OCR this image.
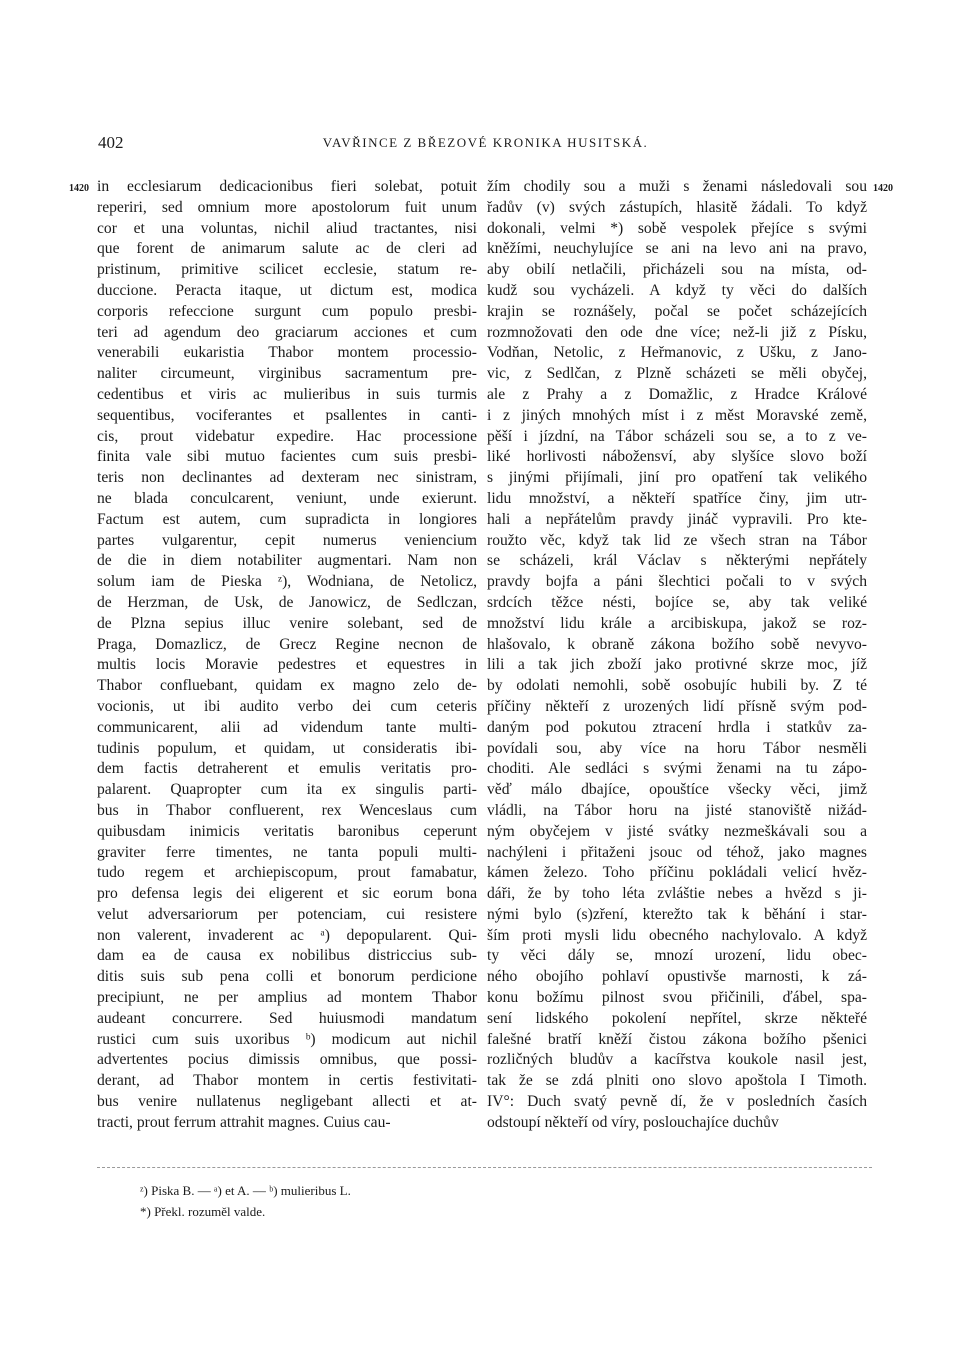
402	VAVŘINCE Z BŘEZOVÉ KRONIKA HUSITSKÁ.
1420	1420
in ecclesiarum dedicacionibus fieri solebat, potuit
reperiri, sed omnium more apostolorum fuit unum
cor et una voluntas, nichil aliud tractantes, nisi
que forent de animarum salute ac de cleri ad
pristinum, primitive scilicet ecclesie, statum re-
duccione. Peracta itaque, ut dictum est, modica
corporis refeccione surgunt cum populo presbi-
teri ad agendum deo graciarum acciones et cum
venerabili eukaristia Thabor montem processio-
naliter circumeunt, virginibus sacramentum pre-
cedentibus et viris ac mulieribus in suis turmis
sequentibus, vociferantes et psallentes in canti-
cis, prout videbatur expedire. Hac processione
finita vale sibi mutuo facientes cum suis presbi-
teris non declinantes ad dexteram nec sinistram,
ne blada conculcarent, veniunt, unde exierunt.
Factum est autem, cum supradicta in longiores
partes vulgarentur, cepit numerus veniencium
de die in diem notabiliter augmentari. Nam non
solum iam de Pieska ᶻ), Wodniana, de Netolicz,
de Herzman, de Usk, de Janowicz, de Sedlczan,
de Plzna sepius illuc venire solebant, sed de
Praga, Domazlicz, de Grecz Regine necnon de
multis locis Moravie pedestres et equestres in
Thabor confluebant, quidam ex magno zelo de-
vocionis, ut ibi audito verbo dei cum ceteris
communicarent, alii ad videndum tante multi-
tudinis populum, et quidam, ut consideratis ibi-
dem factis detraherent et emulis veritatis pro-
palarent. Quapropter cum ita ex singulis parti-
bus in Thabor confluerent, rex Wenceslaus cum
quibusdam inimicis veritatis baronibus ceperunt
graviter ferre timentes, ne tanta populi multi-
tudo regem et archiepiscopum, prout famabatur,
pro defensa legis dei eligerent et sic eorum bona
velut adversariorum per potenciam, cui resistere
non valerent, invaderent ac ᵃ) depopularent. Qui-
dam ea de causa ex nobilibus districcius sub-
ditis suis sub pena colli et bonorum perdicione
precipiunt, ne per amplius ad montem Thabor
audeant concurrere. Sed huiusmodi mandatum
rustici cum suis uxoribus ᵇ) modicum aut nichil
advertentes pocius dimissis omnibus, que possi-
derant, ad Thabor montem in certis festivitati-
bus venire nullatenus negligebant allecti et at-
tracti, prout ferrum attrahit magnes. Cuius cau-
žím chodily sou a muži s ženami následovali sou
řadův (v) svých zástupích, hlasitě žádali. To když
dokonali, velmi *) sobě vespolek přejíce s svými
kněžími, neuchylujíce se ani na levo ani na pravo,
aby obilí netlačili, přicházeli sou na místa, od-
kudž sou vycházeli. A když ty věci do dalších
krajin se roznášely, počal se počet scházejících
rozmnožovati den ode dne více; než-li již z Písku,
Vodňan, Netolic, z Heřmanovic, z Ušku, z Jano-
vic, z Sedlčan, z Plzně scházeti se měli obyčej,
ale z Prahy a z Domažlic, z Hradce Králové
i z jiných mnohých míst i z měst Moravské země,
pěší i jízdní, na Tábor scházeli sou se, a to z ve-
liké horlivosti nábožensví, aby slyšíce slovo boží
s jinými přijímali, jiní pro opatření tak velikého
lidu množství, a někteří spatříce činy, jim utr-
hali a nepřátelům pravdy jináč vypravili. Pro kte-
roužto věc, když tak lid ze všech stran na Tábor
se scházeli, král Václav s některými nepřátely
pravdy bojfa a páni šlechtici počali to v svých
srdcích těžce nésti, bojíce se, aby tak veliké
množství lidu krále a arcibiskupa, jakož se roz-
hlašovalo, k obraně zákona božího sobě nevyvo-
lili a tak jich zboží jako protivné skrze moc, jíž
by odolati nemohli, sobě osobujíc hubili by. Z té
příčiny někteří z urozených lidí přísně svým pod-
daným pod pokutou ztracení hrdla i statkův za-
povídali sou, aby více na horu Tábor nesměli
choditi. Ale sedláci s svými ženami na tu zápo-
věď málo dbajíce, opouštíce všecky věci, jimž
vládli, na Tábor horu na jisté stanoviště nižád-
ným obyčejem v jisté svátky nezmeškávali sou a
nachýleni i přitaženi jsouc od téhož, jako magnes
kámen železo. Toho příčinu pokládali velicí hvěz-
dáři, že by toho léta zvláštie nebes a hvězd s ji-
nými bylo (s)zření, kterežto tak k běhání i star-
ším proti mysli lidu obecného nachylovalo. A když
ty věci dály se, mnozí urození, lidu obec-
ného obojího pohlaví opustivše marnosti, k zá-
konu božímu pilnost svou přičinili, ďábel, spa-
sení lidského pokolení nepřítel, skrze někteřé
falešné bratří kněží čistou zákona božího pšenici
rozličných bludův a kacířstva koukole nasil jest,
tak že se zdá plniti ono slovo apoštola I Timoth.
IV°: Duch svatý pevně dí, že v posledních časích
odstoupí někteří od víry, poslouchajíce duchův
ᶻ) Piska B. — ᵃ) et A. — ᵇ) mulieribus L.
*) Překl. rozuměl valde.
